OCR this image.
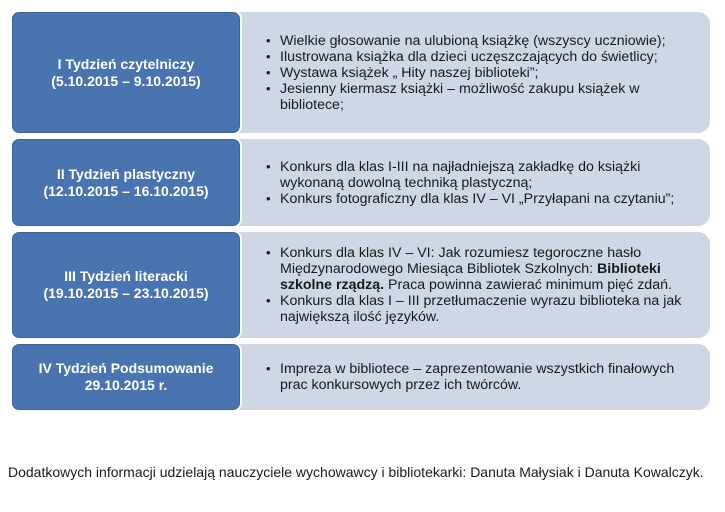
I Tydzień czytelniczy
(5.10.2015 – 9.10.2015)
• Wielkie głosowanie na ulubioną książkę (wszyscy uczniowie);
• Ilustrowana książka dla dzieci uczęszczających do świetlicy;
• Wystawa książek „ Hity naszej biblioteki”;
• Jesienny kiermasz książki – możliwość zakupu książek w bibliotece;
II Tydzień plastyczny
(12.10.2015 – 16.10.2015)
• Konkurs dla klas I-III na najładniejszą zakładkę do książki wykonaną dowolną techniką plastyczną;
• Konkurs fotograficzny dla klas IV – VI „Przyłapani na czytaniu”;
III Tydzień literacki
(19.10.2015 – 23.10.2015)
• Konkurs dla klas IV – VI: Jak rozumiesz tegoroczne hasło Międzynarodowego Miesiąca Bibliotek Szkolnych: Biblioteki szkolne rządzą. Praca powinna zawierać minimum pięć zdań.
• Konkurs dla klas I – III przetłumaczenie wyrazu biblioteka na jak największą ilość języków.
IV Tydzień Podsumowanie
29.10.2015 r.
• Impreza w bibliotece – zaprezentowanie wszystkich finałowych prac konkursowych przez ich twórców.
Dodatkowych informacji udzielają nauczyciele wychowawcy i bibliotekarki: Danuta Małysiak i Danuta Kowalczyk.
